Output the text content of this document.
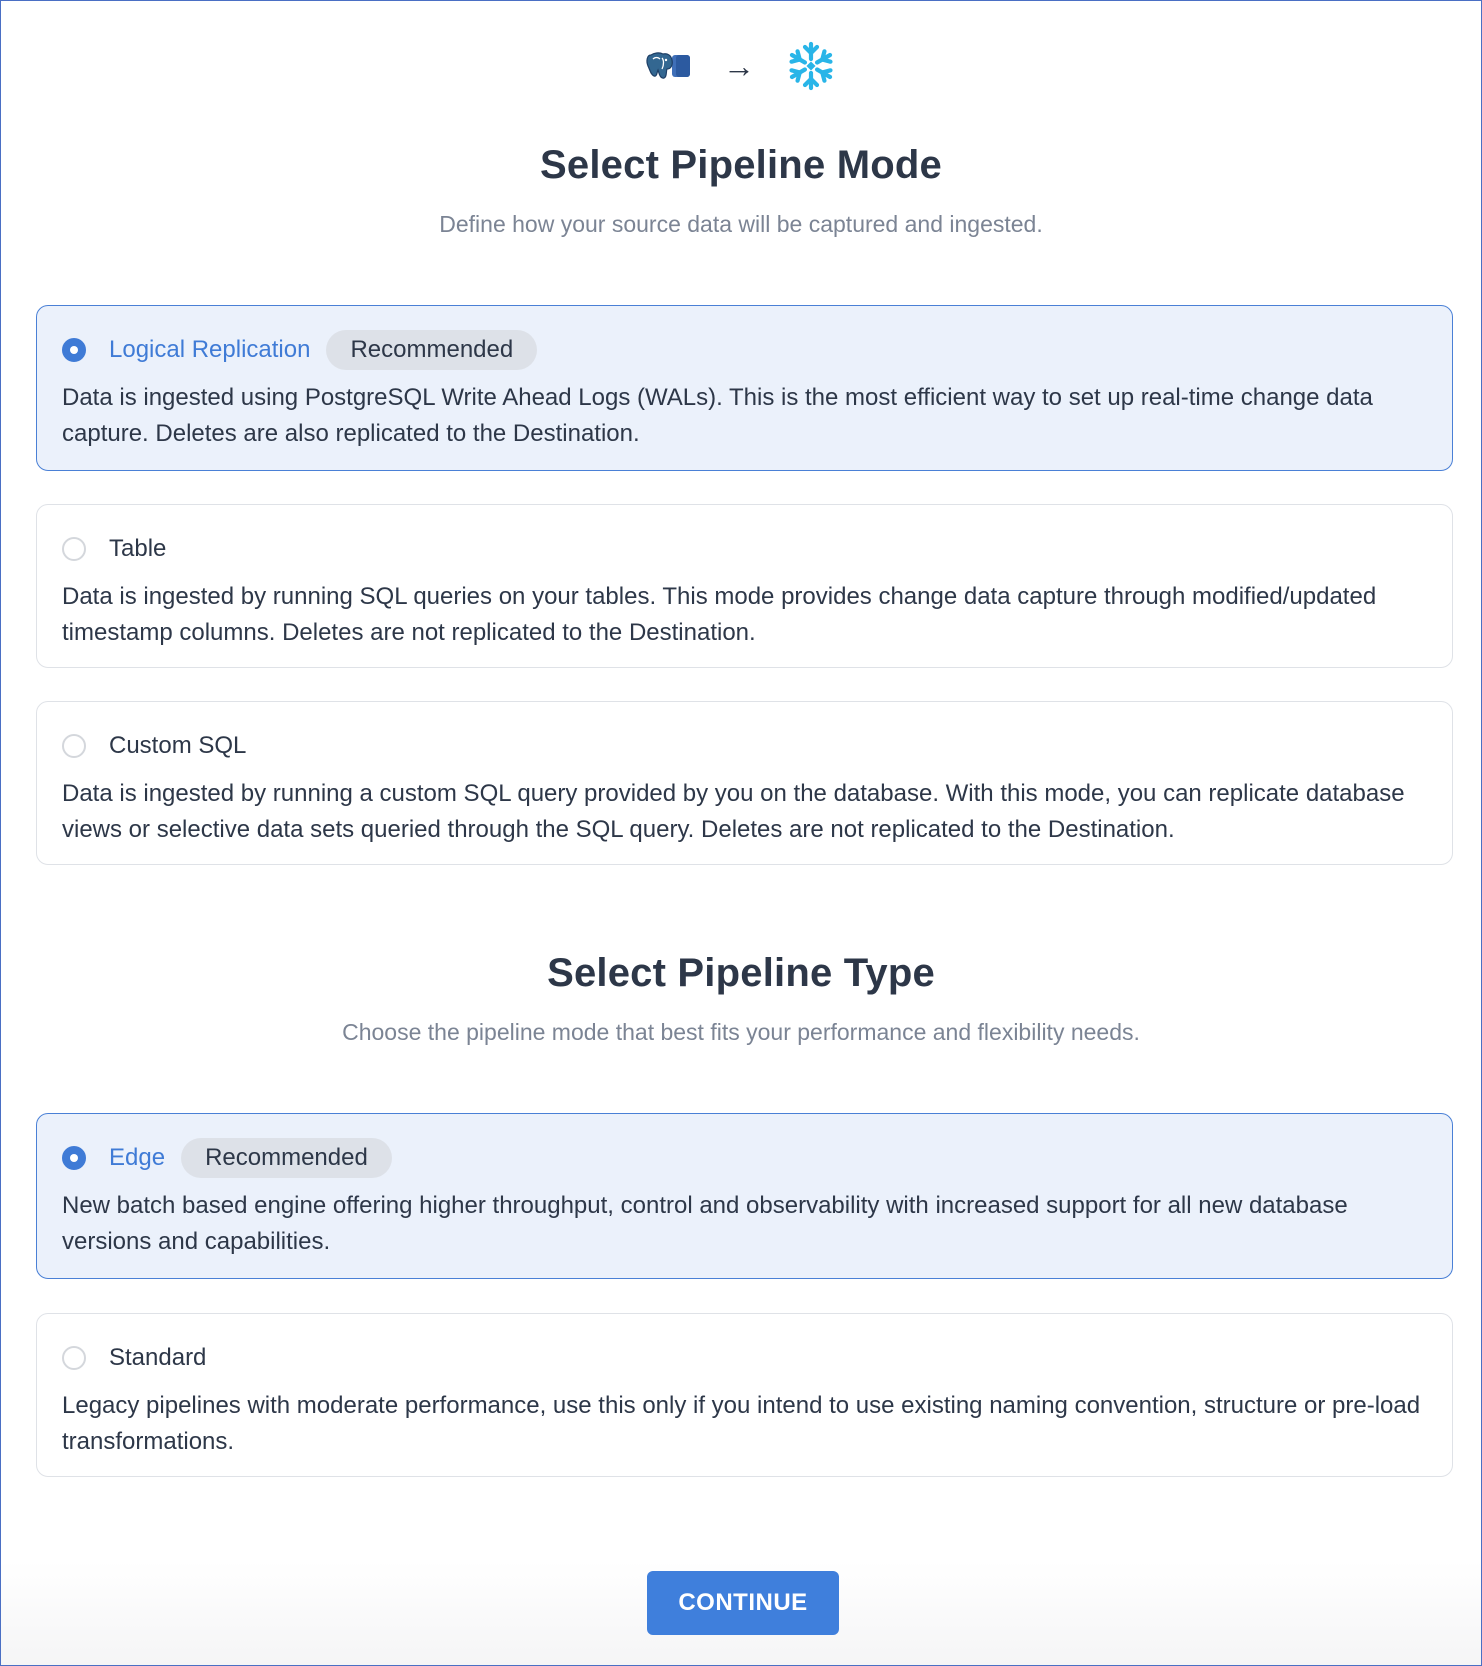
→
Select Pipeline Mode

Define how your source data will be captured and ingested.

Logical Replication	Recommended

Data is ingested using PostgreSQL Write Ahead Logs (WALs). This is the most efficient way to set up real-time change data capture. Deletes are also replicated to the Destination.

Table

Data is ingested by running SQL queries on your tables. This mode provides change data capture through modified/updated timestamp columns. Deletes are not replicated to the Destination.

Custom SQL

Data is ingested by running a custom SQL query provided by you on the database. With this mode, you can replicate database views or selective data sets queried through the SQL query. Deletes are not replicated to the Destination.

Select Pipeline Type

Choose the pipeline mode that best fits your performance and flexibility needs.

Edge	Recommended

New batch based engine offering higher throughput, control and observability with increased support for all new database versions and capabilities.

Standard

Legacy pipelines with moderate performance, use this only if you intend to use existing naming convention, structure or pre-load transformations.

CONTINUE
